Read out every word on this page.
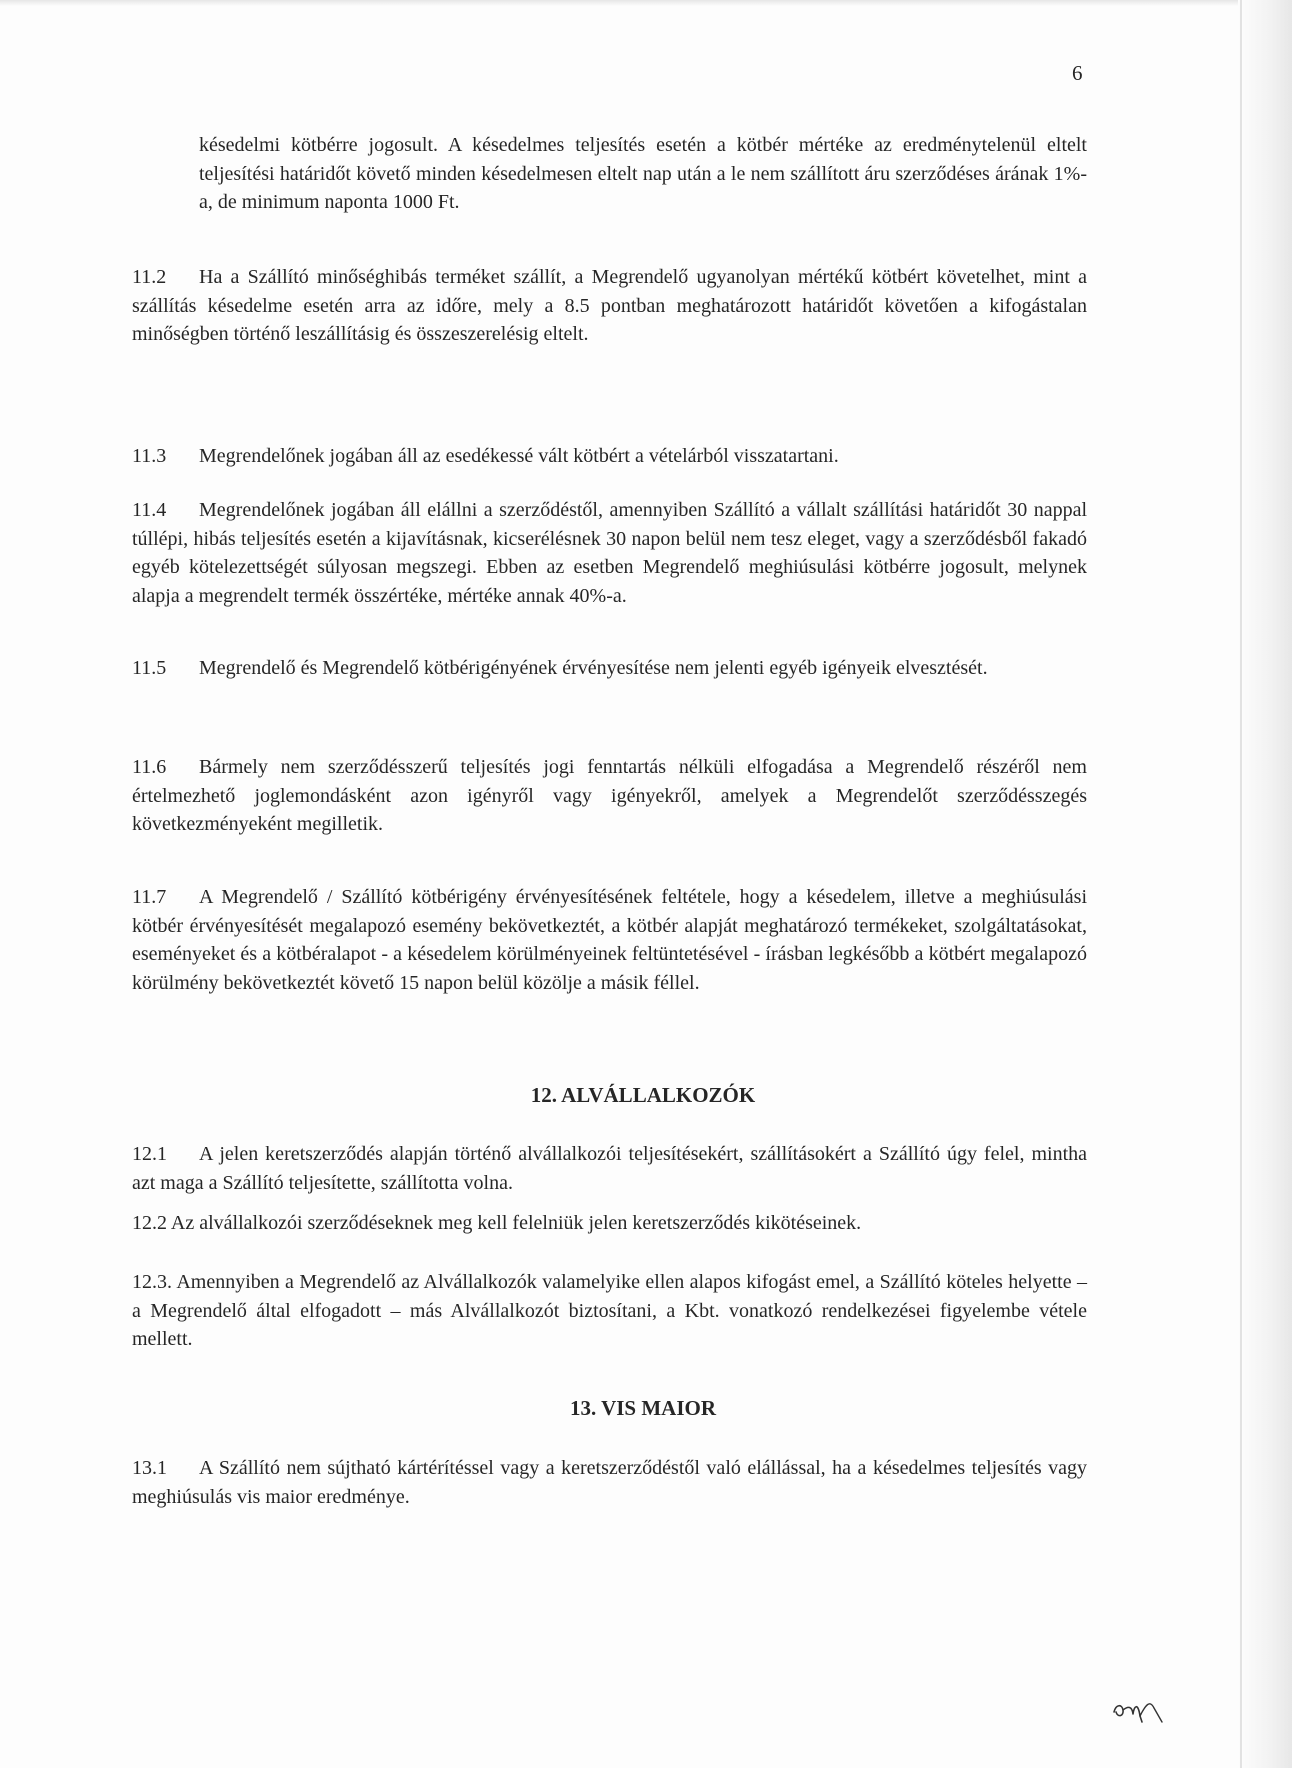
6
késedelmi kötbérre jogosult. A késedelmes teljesítés esetén a kötbér mértéke az eredménytelenül eltelt teljesítési határidőt követő minden késedelmesen eltelt nap után a le nem szállított áru szerződéses árának 1%-a, de minimum naponta 1000 Ft.
11.2 Ha a Szállító minőséghibás terméket szállít, a Megrendelő ugyanolyan mértékű kötbért követelhet, mint a szállítás késedelme esetén arra az időre, mely a 8.5 pontban meghatározott határidőt követően a kifogástalan minőségben történő leszállításig és összeszerelésig eltelt.
11.3 Megrendelőnek jogában áll az esedékessé vált kötbért a vételárból visszatartani.
11.4 Megrendelőnek jogában áll elállni a szerződéstől, amennyiben Szállító a vállalt szállítási határidőt 30 nappal túllépi, hibás teljesítés esetén a kijavításnak, kicserélésnek 30 napon belül nem tesz eleget, vagy a szerződésből fakadó egyéb kötelezettségét súlyosan megszegi. Ebben az esetben Megrendelő meghiúsulási kötbérre jogosult, melynek alapja a megrendelt termék összértéke, mértéke annak 40%-a.
11.5 Megrendelő és Megrendelő kötbérigényének érvényesítése nem jelenti egyéb igényeik elvesztését.
11.6 Bármely nem szerződésszerű teljesítés jogi fenntartás nélküli elfogadása a Megrendelő részéről nem értelmezhető joglemondásként azon igényről vagy igényekről, amelyek a Megrendelőt szerződésszegés következményeként megilletik.
11.7 A Megrendelő / Szállító kötbérigény érvényesítésének feltétele, hogy a késedelem, illetve a meghiúsulási kötbér érvényesítését megalapozó esemény bekövetkeztét, a kötbér alapját meghatározó termékeket, szolgáltatásokat, eseményeket és a kötbéralapot - a késedelem körülményeinek feltüntetésével - írásban legkésőbb a kötbért megalapozó körülmény bekövetkeztét követő 15 napon belül közölje a másik féllel.
12. ALVÁLLALKOZÓK
12.1 A jelen keretszerződés alapján történő alvállalkozói teljesítésekért, szállításokért a Szállító úgy felel, mintha azt maga a Szállító teljesítette, szállította volna.
12.2 Az alvállalkozói szerződéseknek meg kell felelniük jelen keretszerződés kikötéseinek.
12.3. Amennyiben a Megrendelő az Alvállalkozók valamelyike ellen alapos kifogást emel, a Szállító köteles helyette – a Megrendelő által elfogadott – más Alvállalkozót biztosítani, a Kbt. vonatkozó rendelkezései figyelembe vétele mellett.
13. VIS MAIOR
13.1 A Szállító nem sújtható kártérítéssel vagy a keretszerződéstől való elállással, ha a késedelmes teljesítés vagy meghiúsulás vis maior eredménye.
